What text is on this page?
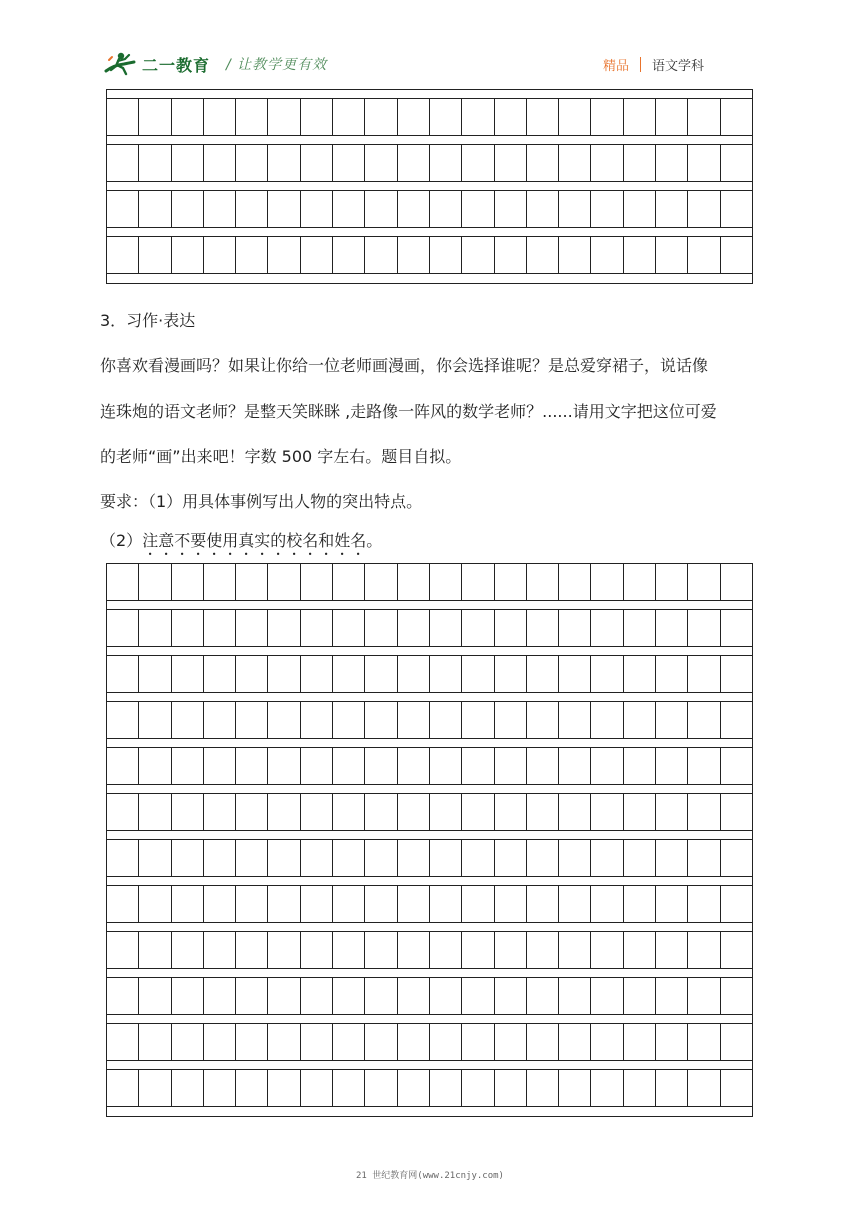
二一教育 / 让教学更有效	精品 语文学科
3．习作·表达
你喜欢看漫画吗？如果让你给一位老师画漫画，你会选择谁呢？是总爱穿裙子，说话像
连珠炮的语文老师？是整天笑眯眯 ,走路像一阵风的数学老师？......请用文字把这位可爱
的老师“画”出来吧！字数 500 字左右。题目自拟。
要求：（1）用具体事例写出人物的突出特点。
（2）注意不要使用真实的校名和姓名。
21 世纪教育网(www.21cnjy.com)
